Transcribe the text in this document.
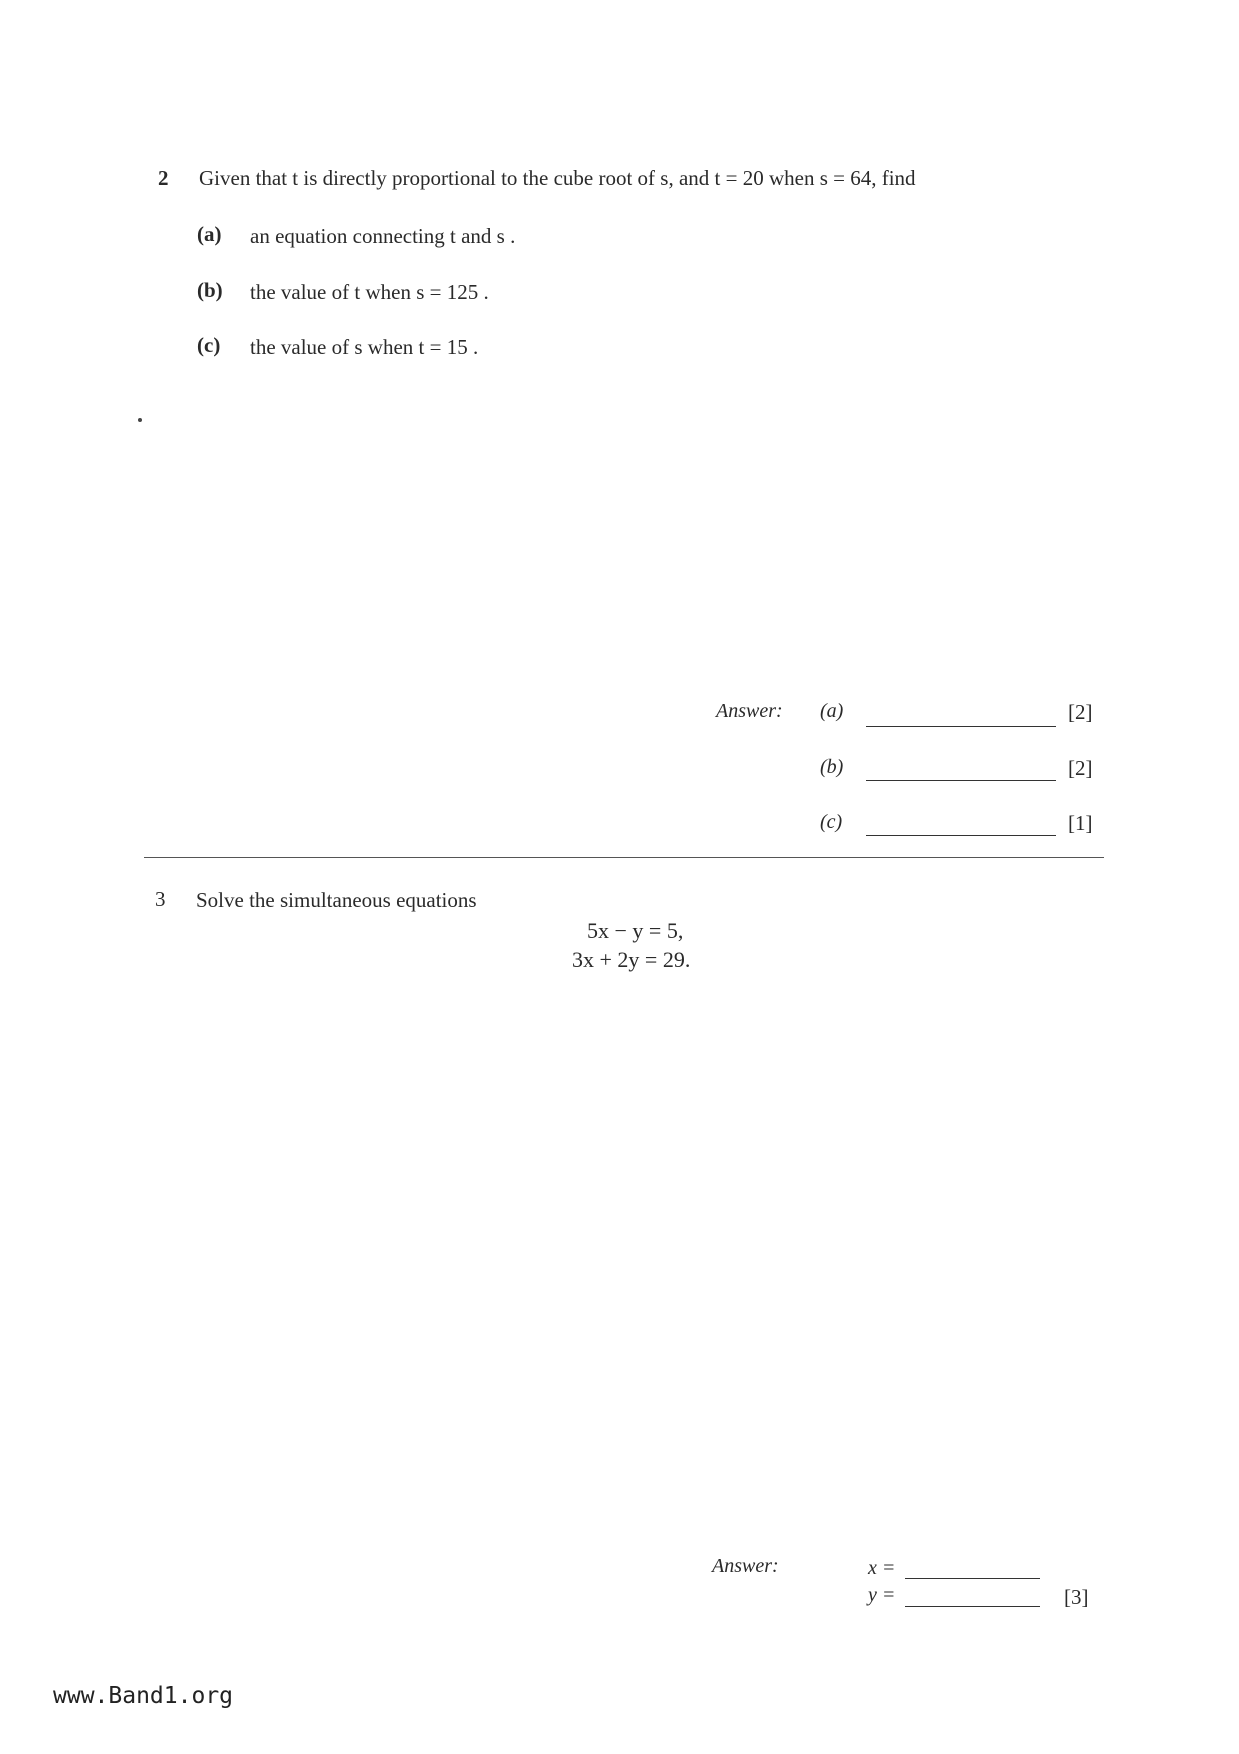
2 Given that t is directly proportional to the cube root of s, and t = 20 when s = 64, find
(a) an equation connecting t and s .
(b) the value of t when s = 125 .
(c) the value of s when t = 15 .
Answer: (a)	[2]
(b)	[2]
(c)	[1]
3 Solve the simultaneous equations
5x − y = 5,
3x + 2y = 29.
Answer:	x =
y =	[3]
www.Band1.org
